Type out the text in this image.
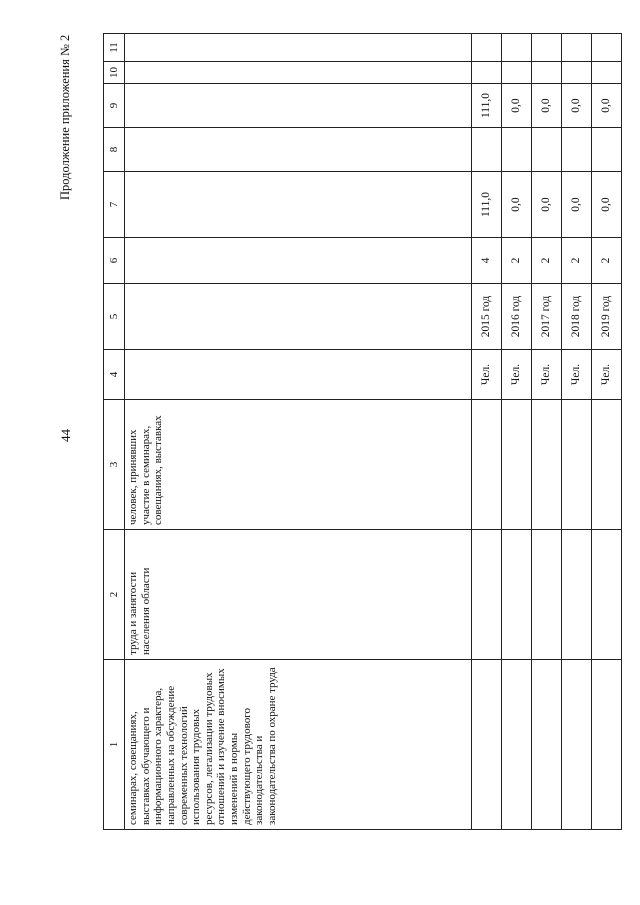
44
Продолжение приложения № 2
1	2	3	4	5	6	7	8	9	10	11
семинарах, совещаниях, выставках обучающего и информационного характера, направленных на обсуждение современных технологий использования трудовых ресурсов, легализации трудовых отношений и изучение вносимых изменений в нормы действующего трудового законодательства и законодательства по охране труда	труда и занятости населения области	человек, принявших участие в семинарах, совещаниях, выставках								
			Чел.	2015 год	4	111,0		111,0		
			Чел.	2016 год	2	0,0		0,0		
			Чел.	2017 год	2	0,0		0,0		
			Чел.	2018 год	2	0,0		0,0		
			Чел.	2019 год	2	0,0		0,0		
